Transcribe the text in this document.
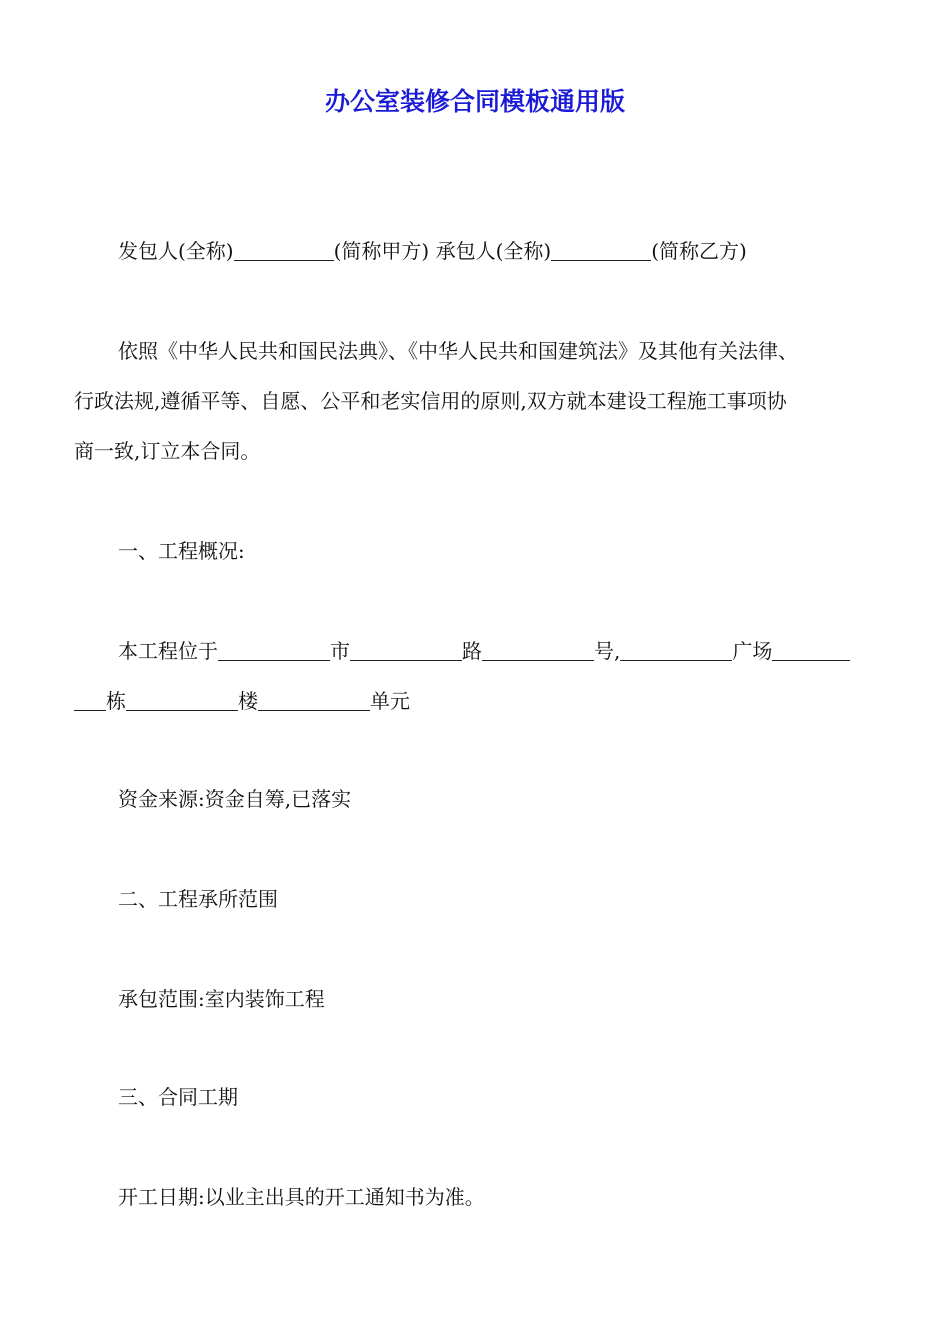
办公室装修合同模板通用版

发包人(全称)	(简称甲方) 承包人(全称)	(简称乙方)

依照《中华人民共和国民法典》、《中华人民共和国建筑法》及其他有关法律、
行政法规,遵循平等、自愿、公平和老实信用的原则,双方就本建设工程施工事项协
商一致,订立本合同。

一、工程概况:

本工程位于	市	路	号,	广场
栋	楼	单元

资金来源:资金自筹,已落实

二、工程承所范围

承包范围:室内装饰工程

三、合同工期

开工日期:以业主出具的开工通知书为准。
